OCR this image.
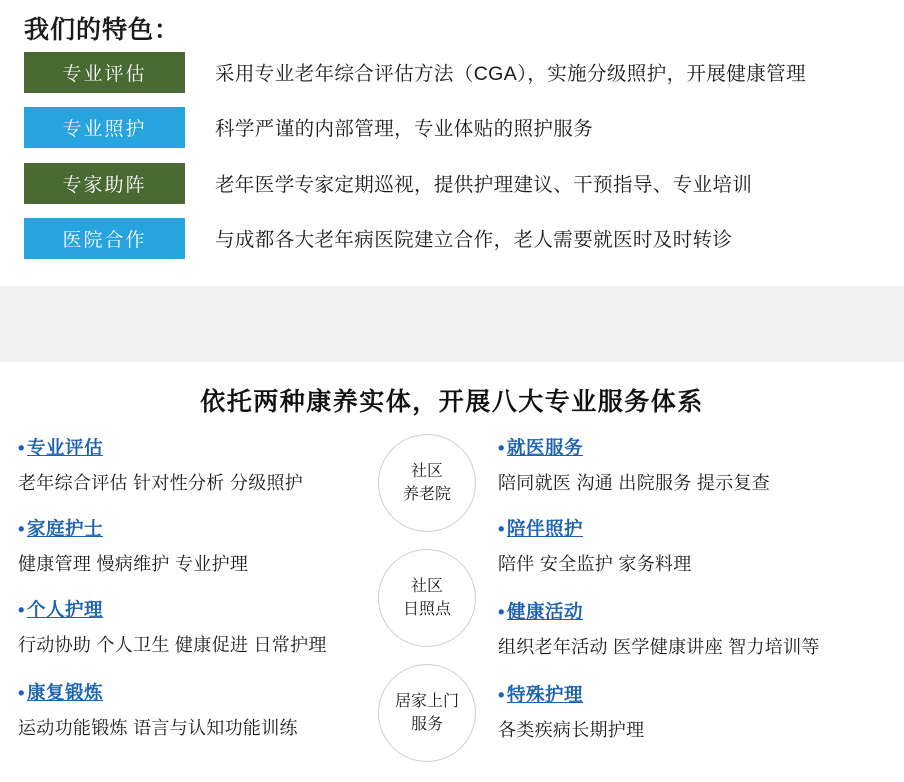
我们的特色：
专业评估	采用专业老年综合评估方法（CGA），实施分级照护，开展健康管理
专业照护	科学严谨的内部管理，专业体贴的照护服务
专家助阵	老年医学专家定期巡视，提供护理建议、干预指导、专业培训
医院合作	与成都各大老年病医院建立合作，老人需要就医时及时转诊
依托两种康养实体，开展八大专业服务体系
社区
养老院
社区
日照点
居家上门
服务
• 专业评估
老年综合评估 针对性分析 分级照护
• 家庭护士
健康管理 慢病维护 专业护理
• 个人护理
行动协助 个人卫生 健康促进 日常护理
• 康复锻炼
运动功能锻炼 语言与认知功能训练
• 就医服务
陪同就医 沟通 出院服务 提示复查
• 陪伴照护
陪伴 安全监护 家务料理
• 健康活动
组织老年活动 医学健康讲座 智力培训等
• 特殊护理
各类疾病长期护理
